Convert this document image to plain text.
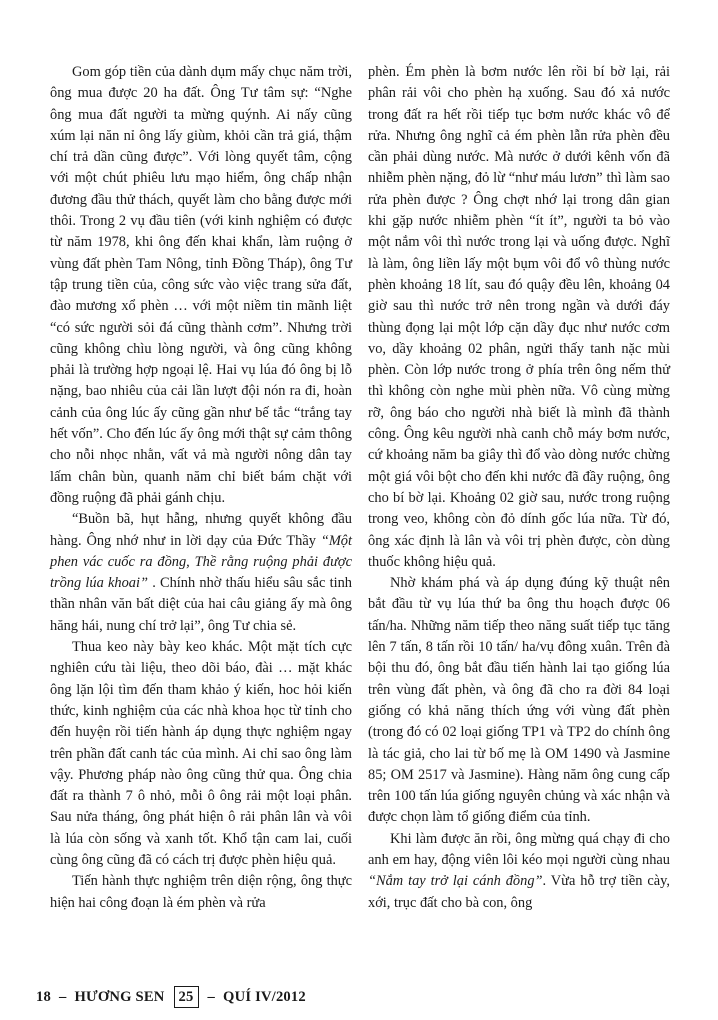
Gom góp tiền của dành dụm mấy chục năm trời, ông mua được 20 ha đất. Ông Tư tâm sự: “Nghe ông mua đất người ta mừng quýnh. Ai nấy cũng xúm lại năn nỉ ông lấy giùm, khỏi cần trả giá, thậm chí trả dần cũng được”. Với lòng quyết tâm, cộng với một chút phiêu lưu mạo hiểm, ông chấp nhận đương đầu thử thách, quyết làm cho bằng được mới thôi. Trong 2 vụ đầu tiên (với kinh nghiệm có được từ năm 1978, khi ông đến khai khẩn, làm ruộng ở vùng đất phèn Tam Nông, tỉnh Đồng Tháp), ông Tư tập trung tiền của, công sức vào việc trang sửa đất, đào mương xổ phèn … với một niềm tin mãnh liệt “có sức người sỏi đá cũng thành cơm”. Nhưng trời cũng không chìu lòng người, và ông cũng không phải là trường hợp ngoại lệ. Hai vụ lúa đó ông bị lỗ nặng, bao nhiêu của cải lần lượt đội nón ra đi, hoàn cảnh của ông lúc ấy cũng gần như bế tắc “trắng tay hết vốn”. Cho đến lúc ấy ông mới thật sự cảm thông cho nỗi nhọc nhằn, vất vả mà người nông dân tay lấm chân bùn, quanh năm chỉ biết bám chặt với đồng ruộng đã phải gánh chịu.

“Buồn bã, hụt hẫng, nhưng quyết không đầu hàng. Ông nhớ như in lời dạy của Đức Thầy “Một phen vác cuốc ra đồng, Thề rằng ruộng phải được trồng lúa khoai” . Chính nhờ thấu hiểu sâu sắc tinh thần nhân văn bất diệt của hai câu giảng ấy mà ông hăng hái, nung chí trở lại”, ông Tư chia sẻ.

Thua keo này bày keo khác. Một mặt tích cực nghiên cứu tài liệu, theo dõi báo, đài … mặt khác ông lặn lội tìm đến tham khảo ý kiến, hoc hỏi kiến thức, kinh nghiệm của các nhà khoa học từ tỉnh cho đến huyện rồi tiến hành áp dụng thực nghiệm ngay trên phần đất canh tác của mình. Ai chỉ sao ông làm vậy. Phương pháp nào ông cũng thử qua. Ông chia đất ra thành 7 ô nhỏ, mỗi ô ông rải một loại phân. Sau nửa tháng, ông phát hiện ô rải phân lân và vôi là lúa còn sống và xanh tốt. Khổ tận cam lai, cuối cùng ông cũng đã có cách trị được phèn hiệu quả.

Tiến hành thực nghiệm trên diện rộng, ông thực hiện hai công đoạn là ém phèn và rửa

phèn. Ém phèn là bơm nước lên rồi bí bờ lại, rải phân rải vôi cho phèn hạ xuống. Sau đó xả nước trong đất ra hết rồi tiếp tục bơm nước khác vô để rửa. Nhưng ông nghĩ cả ém phèn lẫn rửa phèn đều cần phải dùng nước. Mà nước ở dưới kênh vốn đã nhiễm phèn nặng, đỏ lừ “như máu lươn” thì làm sao rửa phèn được ? Ông chợt nhớ lại trong dân gian khi gặp nước nhiễm phèn “ít ít”, người ta bỏ vào một nắm vôi thì nước trong lại và uống được. Nghĩ là làm, ông liền lấy một bụm vôi đổ vô thùng nước phèn khoảng 18 lít, sau đó quậy đều lên, khoảng 04 giờ sau thì nước trở nên trong ngần và dưới đáy thùng đọng lại một lớp cặn dầy đục như nước cơm vo, dầy khoảng 02 phân, ngửi thấy tanh nặc mùi phèn. Còn lớp nước trong ở phía trên ông nếm thử thì không còn nghe mùi phèn nữa. Vô cùng mừng rỡ, ông báo cho người nhà biết là mình đã thành công. Ông kêu người nhà canh chỗ máy bơm nước, cứ khoảng năm ba giây thì đổ vào dòng nước chừng một giá vôi bột cho đến khi nước đã đầy ruộng, ông cho bí bờ lại. Khoảng 02 giờ sau, nước trong ruộng trong veo, không còn đỏ dính gốc lúa nữa. Từ đó, ông xác định là lân và vôi trị phèn được, còn dùng thuốc không hiệu quả.

Nhờ khám phá và áp dụng đúng kỹ thuật nên bắt đầu từ vụ lúa thứ ba ông thu hoạch được 06 tấn/ha. Những năm tiếp theo năng suất tiếp tục tăng lên 7 tấn, 8 tấn rồi 10 tấn/ ha/vụ đông xuân. Trên đà bội thu đó, ông bắt đầu tiến hành lai tạo giống lúa trên vùng đất phèn, và ông đã cho ra đời 84 loại giống có khả năng thích ứng với vùng đất phèn (trong đó có 02 loại giống TP1 và TP2 do chính ông là tác giả, cho lai từ bố mẹ là OM 1490 và Jasmine 85; OM 2517 và Jasmine). Hàng năm ông cung cấp trên 100 tấn lúa giống nguyên chủng và xác nhận và được chọn làm tổ giống điểm của tỉnh.

Khi làm được ăn rồi, ông mừng quá chạy đi cho anh em hay, động viên lôi kéo mọi người cùng nhau “Nắm tay trở lại cánh đồng”. Vừa hỗ trợ tiền cày, xới, trục đất cho bà con, ông

18 – HƯƠNG SEN 25 – QUÍ IV/2012
